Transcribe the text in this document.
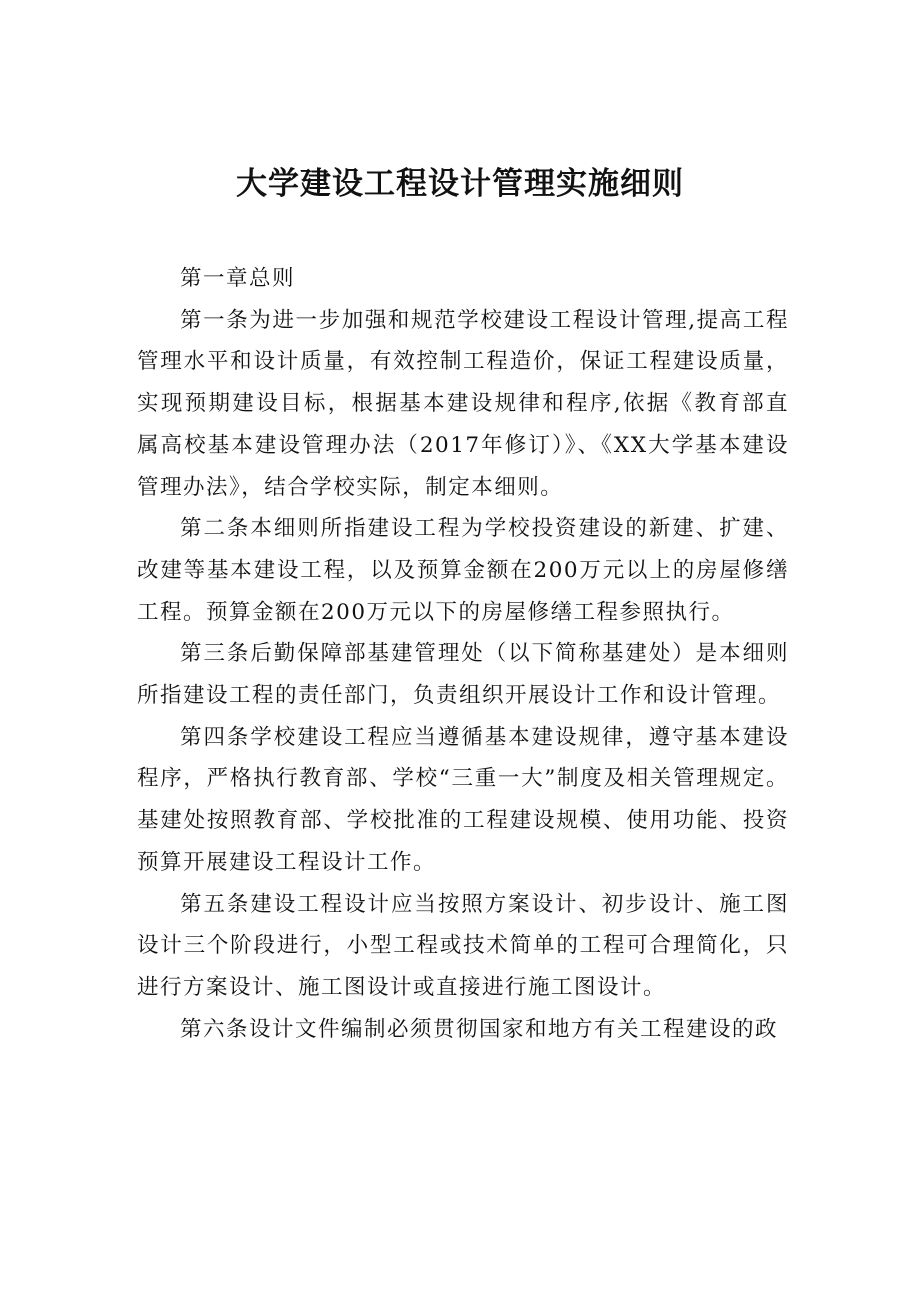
大学建设工程设计管理实施细则

第一章总则

第一条为进一步加强和规范学校建设工程设计管理,提高工程管理水平和设计质量，有效控制工程造价，保证工程建设质量，实现预期建设目标，根据基本建设规律和程序,依据《教育部直属高校基本建设管理办法（2017年修订）》、《XX大学基本建设管理办法》，结合学校实际，制定本细则。

第二条本细则所指建设工程为学校投资建设的新建、扩建、改建等基本建设工程，以及预算金额在200万元以上的房屋修缮工程。预算金额在200万元以下的房屋修缮工程参照执行。

第三条后勤保障部基建管理处（以下简称基建处）是本细则所指建设工程的责任部门，负责组织开展设计工作和设计管理。

第四条学校建设工程应当遵循基本建设规律，遵守基本建设程序，严格执行教育部、学校“三重一大”制度及相关管理规定。基建处按照教育部、学校批准的工程建设规模、使用功能、投资预算开展建设工程设计工作。

第五条建设工程设计应当按照方案设计、初步设计、施工图设计三个阶段进行，小型工程或技术简单的工程可合理简化，只进行方案设计、施工图设计或直接进行施工图设计。

第六条设计文件编制必须贯彻国家和地方有关工程建设的政
